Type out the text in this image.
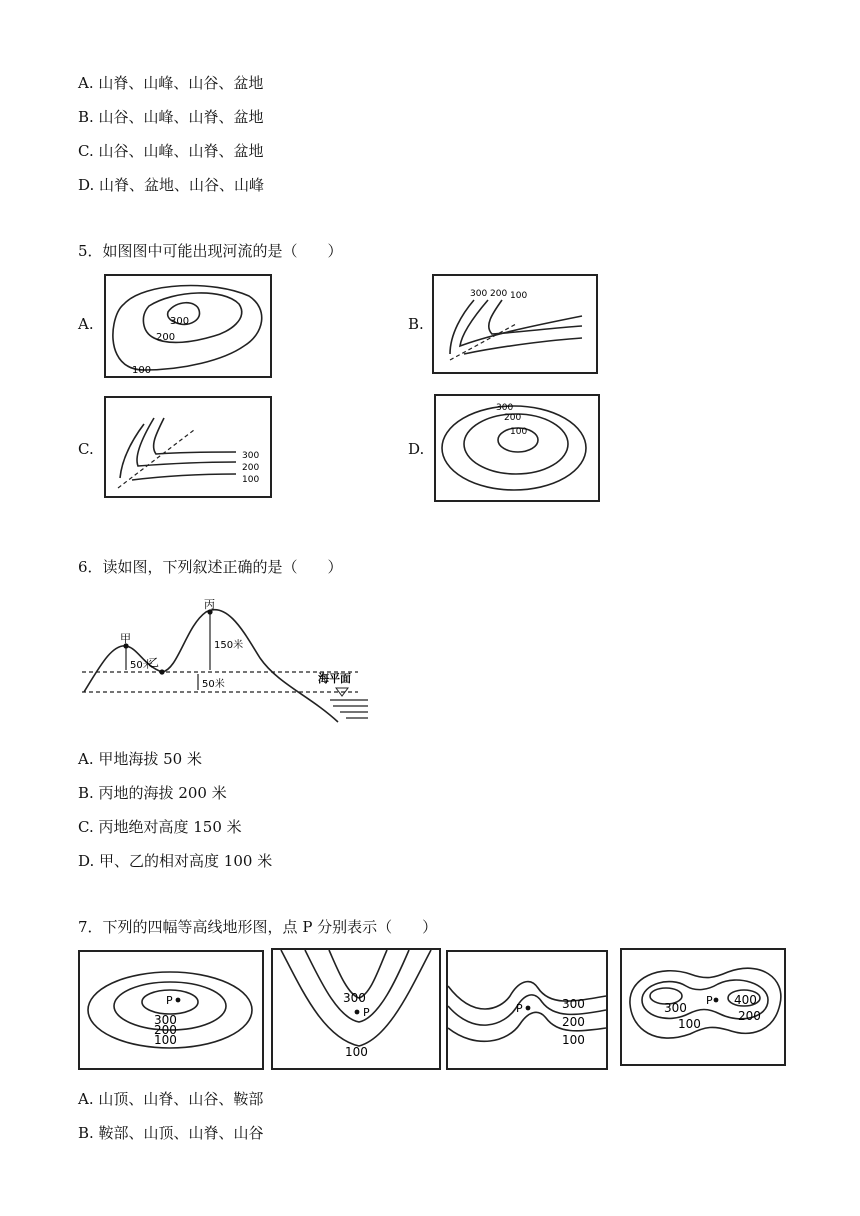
A. 山脊、山峰、山谷、盆地
B. 山谷、山峰、山脊、盆地
C. 山谷、山峰、山脊、盆地
D. 山脊、盆地、山谷、山峰
5．如图图中可能出现河流的是（　　）
A.
100
200
300	B.
300 200 100
C.	300
200
100
D.
300
200
100
6．读如图，下列叙述正确的是（　　）
甲
乙
丙
50米
150米
50米	海平面
A. 甲地海拔 50 米
B. 丙地的海拔 200 米
C. 丙地绝对高度 150 米
D. 甲、乙的相对高度 100 米
7．下列的四幅等高线地形图，点 P 分别表示（　　）
P
300
200
100
P
300
100
P	300
200
100
P
300
400
200
100
A. 山顶、山脊、山谷、鞍部
B. 鞍部、山顶、山脊、山谷
